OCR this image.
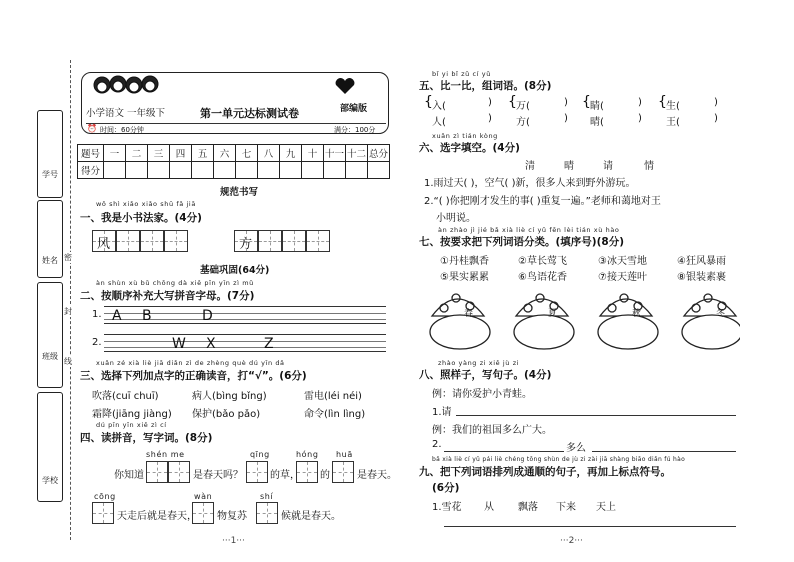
学号
姓名
班级
学校
密
封
线
小学语文 一年级下	第一单元达标测试卷	部编版
⏰ 时间：60分钟	满分：100分
题号	一	二	三	四	五	六	七	八	九	十	十一	十二	总分
得分													
规范书写
wǒ shì xiǎo xiǎo shū fǎ jiā
一、我是小书法家。(4分)
风	方
基础巩固(64分)
àn shùn xù bǔ chōng dà xiě pīn yīn zì mǔ
二、按顺序补充大写拼音字母。(7分)
1. A B	D
2.	W X	Z
xuǎn zé xià liè jiā diǎn zì de zhèng què dú yīn dǎ
三、选择下列加点字的正确读音，打“√”。(6分)
吹落(cuī chuī)	病人(bìng bǐng)	雷电(léi néi)
霜降(jiāng jiàng) 保护(bǎo pǎo)	命令(lìn lìng)
dú pīn yīn xiě zì cí
四、读拼音，写字词。(8分)
shén me	qīng	hóng huā
你知道	是春天吗？	的草， 的	是春天。
cōng	wàn	shí
天走后就是春天， 物复苏	候就是春天。
···1···
bǐ yi bǐ zǔ cí yǔ
五、比一比，组词语。(8分)
{ 入(	) { 万(	) { 睛(	) { 生(	)
人(	) 方(	) 晴(	) 王(	)
xuǎn zì tián kòng
六、选字填空。(4分)
清	晴	请	情
1.雨过天( )，空气( )新，很多人来到野外游玩。
2.“( )你把刚才发生的事( )重复一遍。”老师和蔼地对王
小明说。
àn zhào jì jié bǎ xià liè cí yǔ fēn lèi tián xù hào
七、按要求把下列词语分类。(填序号)(8分)
①丹桂飘香	②草长莺飞	③冰天雪地	④狂风暴雨
⑤果实累累	⑥鸟语花香	⑦接天莲叶	⑧银装素裹
春	夏	秋	冬
zhào yàng zi xiě jù zi
八、照样子，写句子。(4分)
例：请你爱护小青蛙。
1.请
例：我们的祖国多么广大。
2.	多么
bǎ xià liè cí yǔ pái liè chéng tōng shùn de jù zi zài jiā shàng biāo diǎn fú hào
九、把下列词语排列成通顺的句子，再加上标点符号。
(6分)
1.雪花 从 飘落 下来 天上
···2···
